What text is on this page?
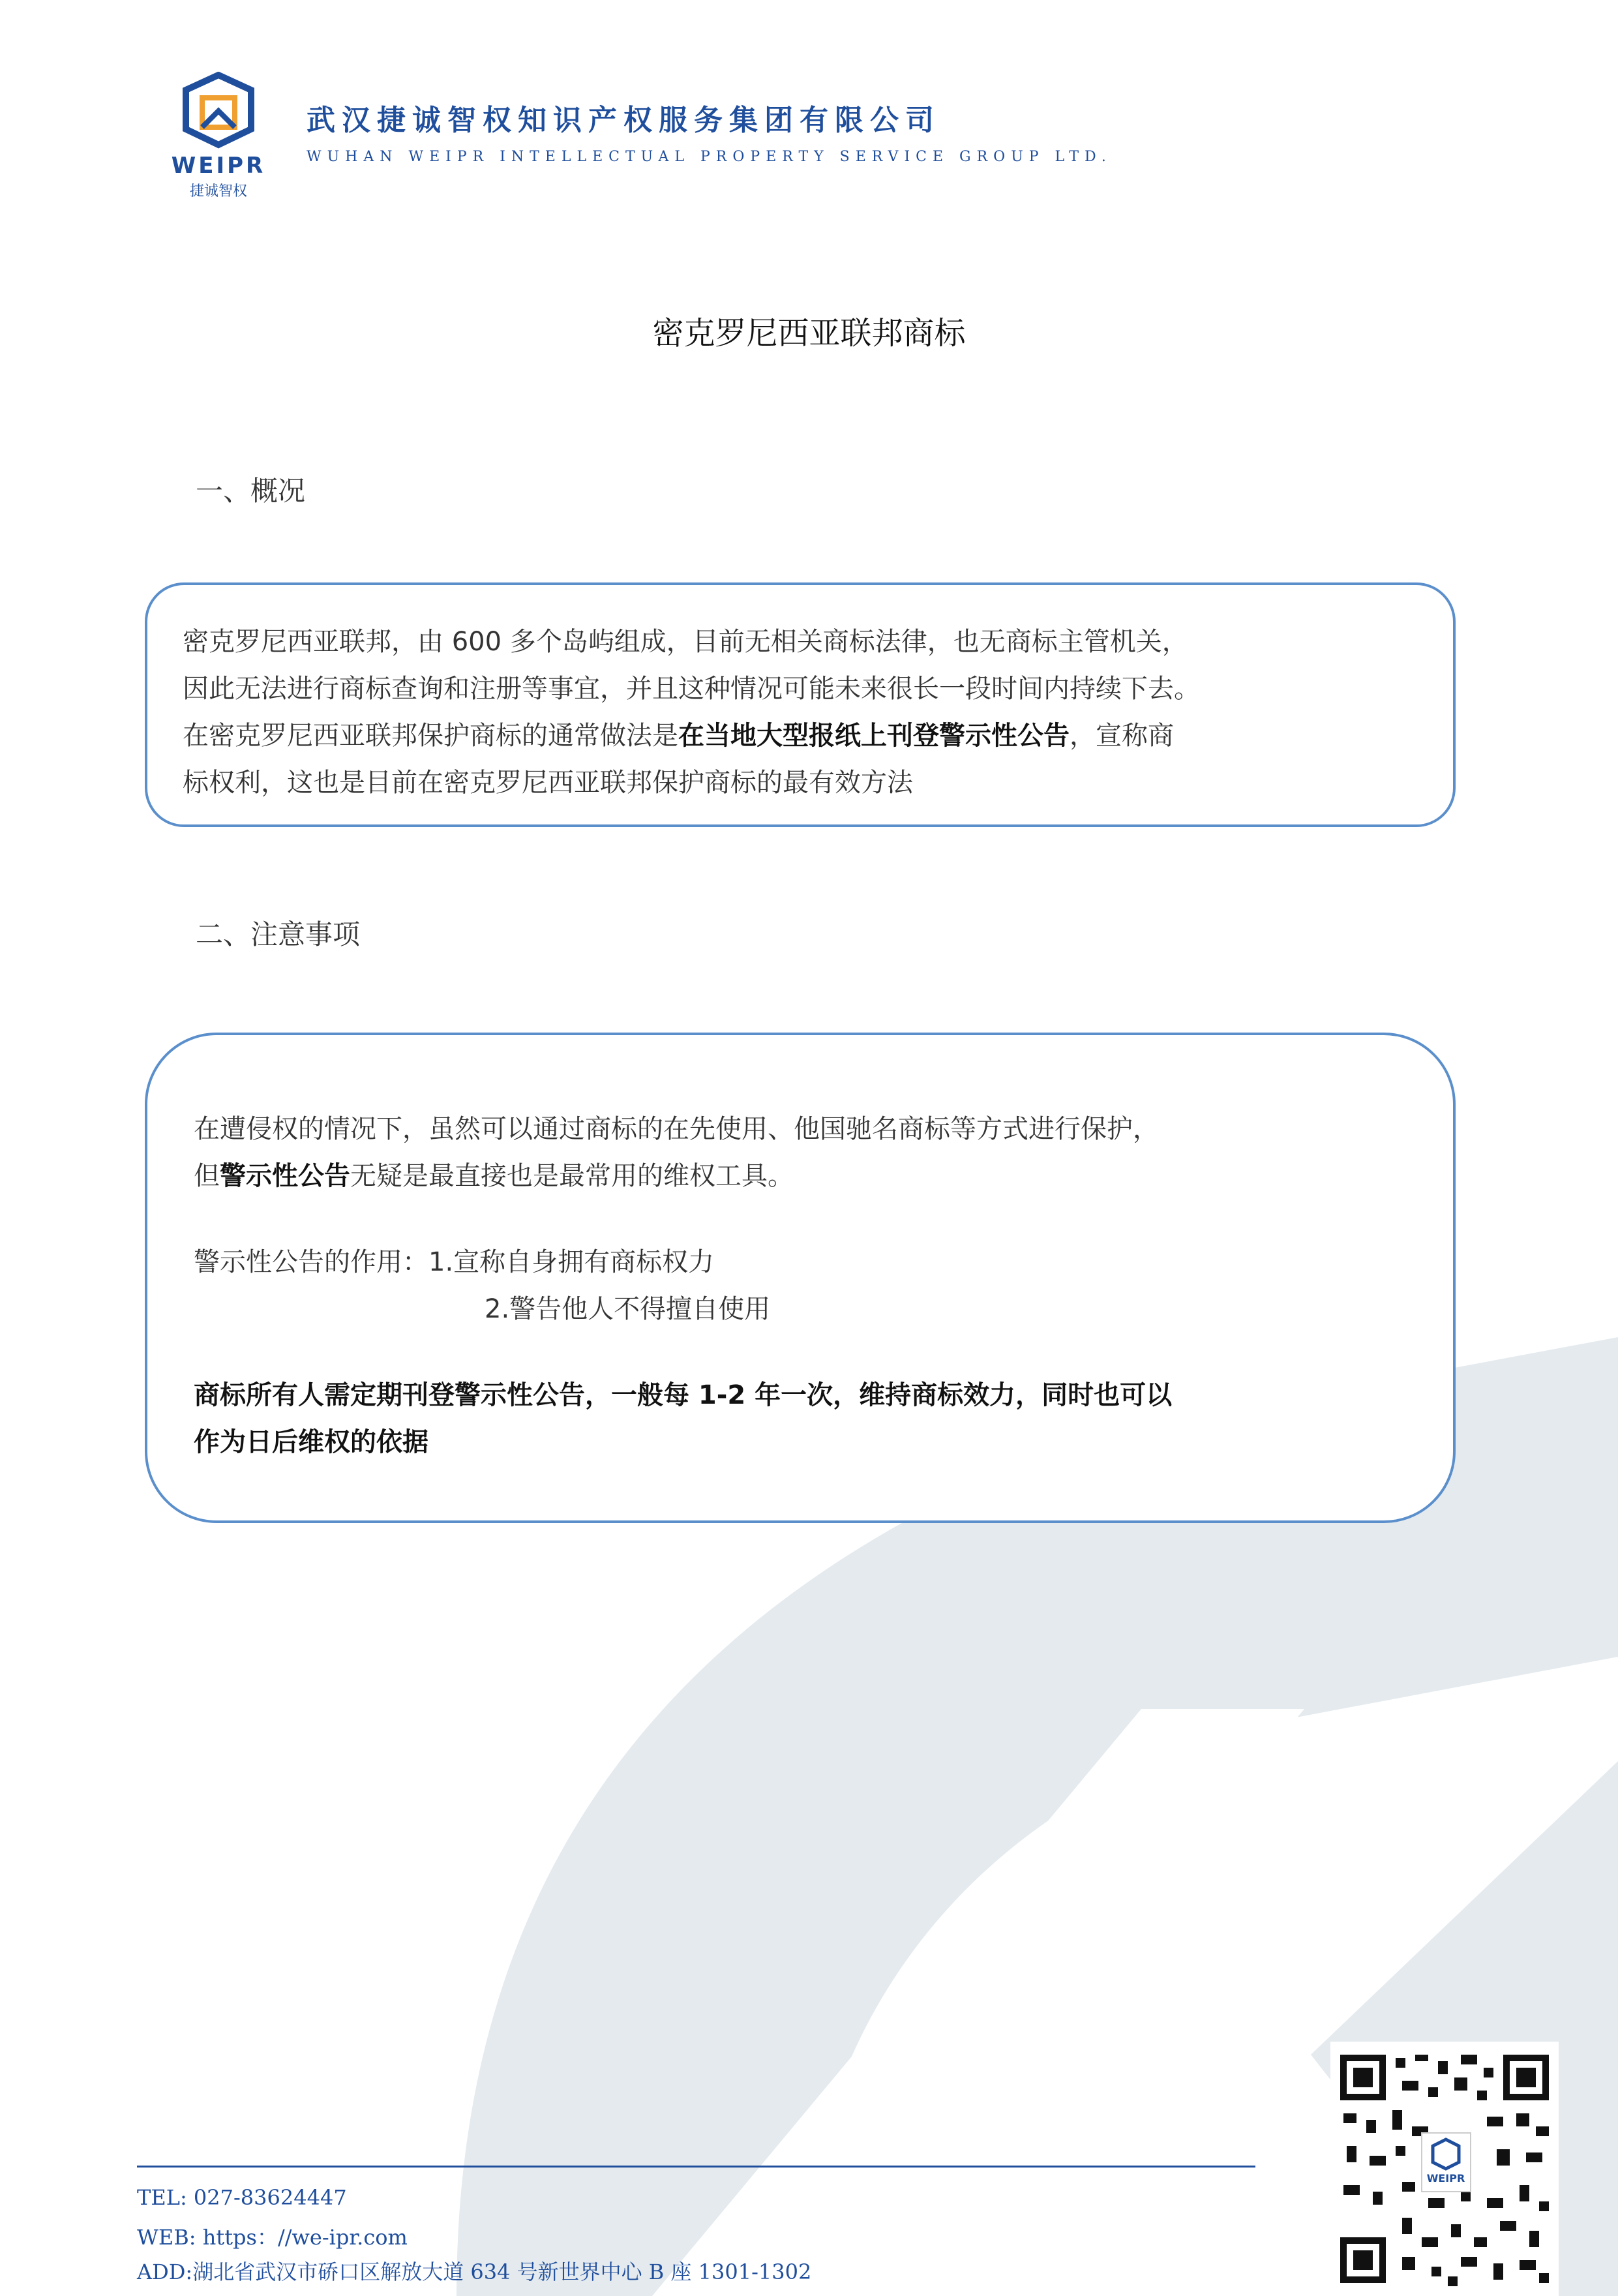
WEIPR
捷诚智权
武汉捷诚智权知识产权服务集团有限公司
WUHAN WEIPR INTELLECTUAL PROPERTY SERVICE GROUP LTD.
密克罗尼西亚联邦商标
一、概况
密克罗尼西亚联邦，由 600 多个岛屿组成，目前无相关商标法律，也无商标主管机关，
因此无法进行商标查询和注册等事宜，并且这种情况可能未来很长一段时间内持续下去。
在密克罗尼西亚联邦保护商标的通常做法是在当地大型报纸上刊登警示性公告，宣称商
标权利，这也是目前在密克罗尼西亚联邦保护商标的最有效方法
二、注意事项
在遭侵权的情况下，虽然可以通过商标的在先使用、他国驰名商标等方式进行保护，
但警示性公告无疑是最直接也是最常用的维权工具。
警示性公告的作用：1.宣称自身拥有商标权力
2.警告他人不得擅自使用
商标所有人需定期刊登警示性公告，一般每 1-2 年一次，维持商标效力，同时也可以
作为日后维权的依据
TEL: 027-83624447
WEB: https：//we-ipr.com
ADD:湖北省武汉市硚口区解放大道 634 号新世界中心 B 座 1301-1302
WEIPR
